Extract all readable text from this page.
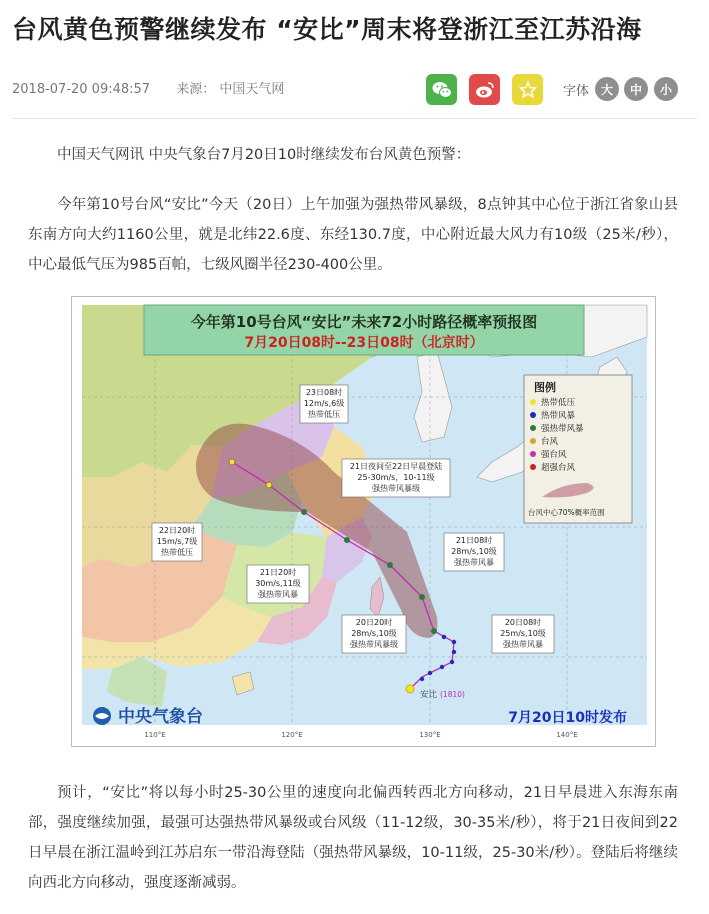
台风黄色预警继续发布 “安比”周末将登浙江至江苏沿海
2018-07-20 09:48:57 来源： 中国天气网	字体 大	中	小

中国天气网讯 中央气象台7月20日10时继续发布台风黄色预警：

今年第10号台风“安比”今天（20日）上午加强为强热带风暴级，8点钟其中心位于浙江省象山县东南方向大约1160公里，就是北纬22.6度、东经130.7度，中心附近最大风力有10级（25米/秒），中心最低气压为985百帕，七级风圈半径230-400公里。

今年第10号台风“安比”未来72小时路径概率预报图
7月20日08时--23日08时（北京时）
图例
热带低压
热带风暴
强热带风暴
台风
强台风
超强台风
台风中心70%概率范围
23日08时
12m/s,6级
热带低压
21日夜间至22日早晨登陆
25-30m/s，10-11级
强热带风暴级
22日20时
15m/s,7级
热带低压
21日08时
28m/s,10级
强热带风暴
21日20时
30m/s,11级
强热带风暴
20日08时
25m/s,10级
强热带风暴
20日20时
28m/s,10级
强热带风暴级
安比 (1810)
中央气象台	7月20日10时发布
110°E	120°E	130°E	140°E

预计，“安比”将以每小时25-30公里的速度向北偏西转西北方向移动，21日早晨进入东海东南部，强度继续加强，最强可达强热带风暴级或台风级（11-12级，30-35米/秒），将于21日夜间到22日早晨在浙江温岭到江苏启东一带沿海登陆（强热带风暴级，10-11级，25-30米/秒）。登陆后将继续向西北方向移动，强度逐渐减弱。
